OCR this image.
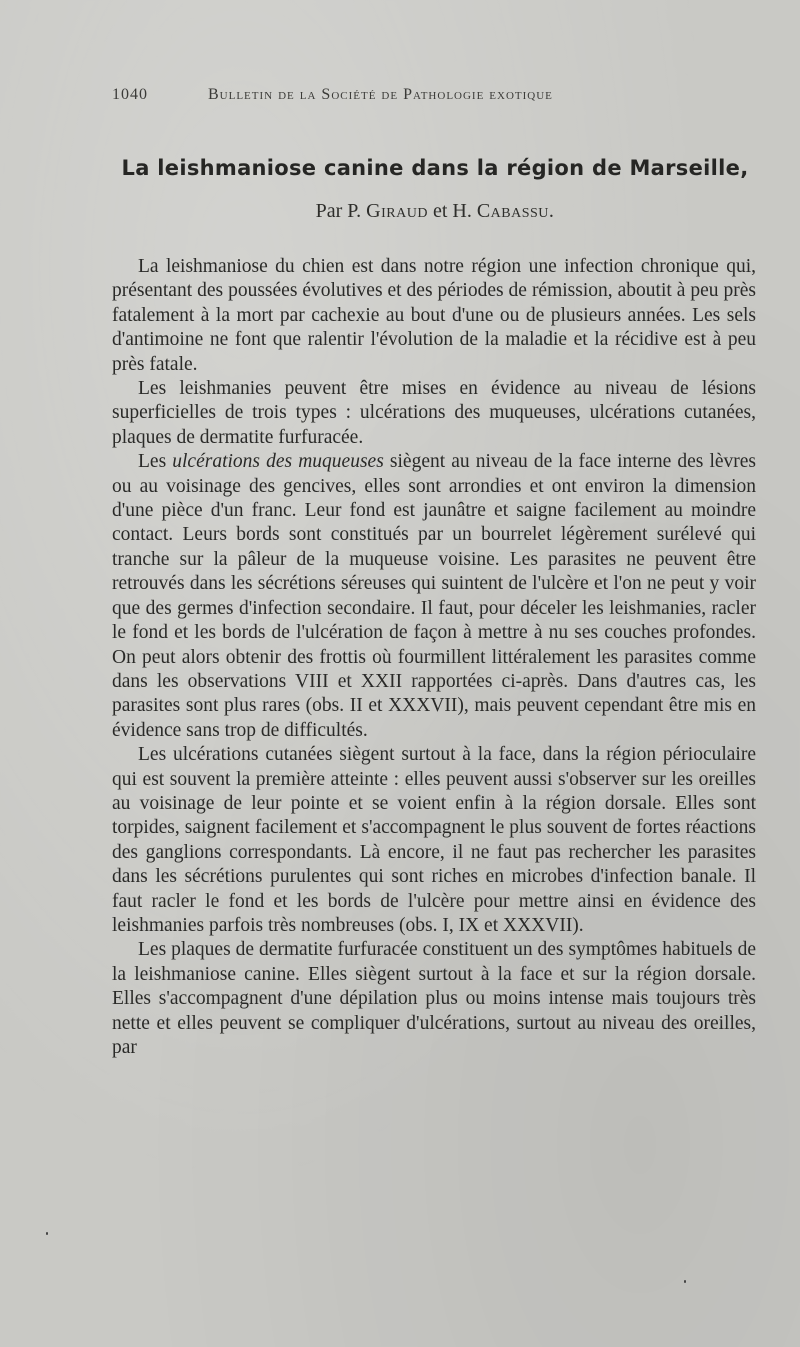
1040	Bulletin de la Société de Pathologie exotique
La leishmaniose canine dans la région de Marseille,
Par P. Giraud et H. Cabassu.

La leishmaniose du chien est dans notre région une infection chronique qui, présentant des poussées évolutives et des périodes de rémission, aboutit à peu près fatalement à la mort par cachexie au bout d'une ou de plusieurs années. Les sels d'antimoine ne font que ralentir l'évolution de la maladie et la récidive est à peu près fatale.

Les leishmanies peuvent être mises en évidence au niveau de lésions superficielles de trois types : ulcérations des muqueuses, ulcérations cutanées, plaques de dermatite furfuracée.

Les ulcérations des muqueuses siègent au niveau de la face interne des lèvres ou au voisinage des gencives, elles sont arrondies et ont environ la dimension d'une pièce d'un franc. Leur fond est jaunâtre et saigne facilement au moindre contact. Leurs bords sont constitués par un bourrelet légèrement surélevé qui tranche sur la pâleur de la muqueuse voisine. Les parasites ne peuvent être retrouvés dans les sécrétions séreuses qui suintent de l'ulcère et l'on ne peut y voir que des germes d'infection secondaire. Il faut, pour déceler les leishmanies, racler le fond et les bords de l'ulcération de façon à mettre à nu ses couches profondes. On peut alors obtenir des frottis où fourmillent littéralement les parasites comme dans les observations VIII et XXII rapportées ci-après. Dans d'autres cas, les parasites sont plus rares (obs. II et XXXVII), mais peuvent cependant être mis en évidence sans trop de difficultés.

Les ulcérations cutanées siègent surtout à la face, dans la région périoculaire qui est souvent la première atteinte : elles peuvent aussi s'observer sur les oreilles au voisinage de leur pointe et se voient enfin à la région dorsale. Elles sont torpides, saignent facilement et s'accompagnent le plus souvent de fortes réactions des ganglions correspondants. Là encore, il ne faut pas rechercher les parasites dans les sécrétions purulentes qui sont riches en microbes d'infection banale. Il faut racler le fond et les bords de l'ulcère pour mettre ainsi en évidence des leishmanies parfois très nombreuses (obs. I, IX et XXXVII).

Les plaques de dermatite furfuracée constituent un des symptômes habituels de la leishmaniose canine. Elles siègent surtout à la face et sur la région dorsale. Elles s'accompagnent d'une dépilation plus ou moins intense mais toujours très nette et elles peuvent se compliquer d'ulcérations, surtout au niveau des oreilles, par
